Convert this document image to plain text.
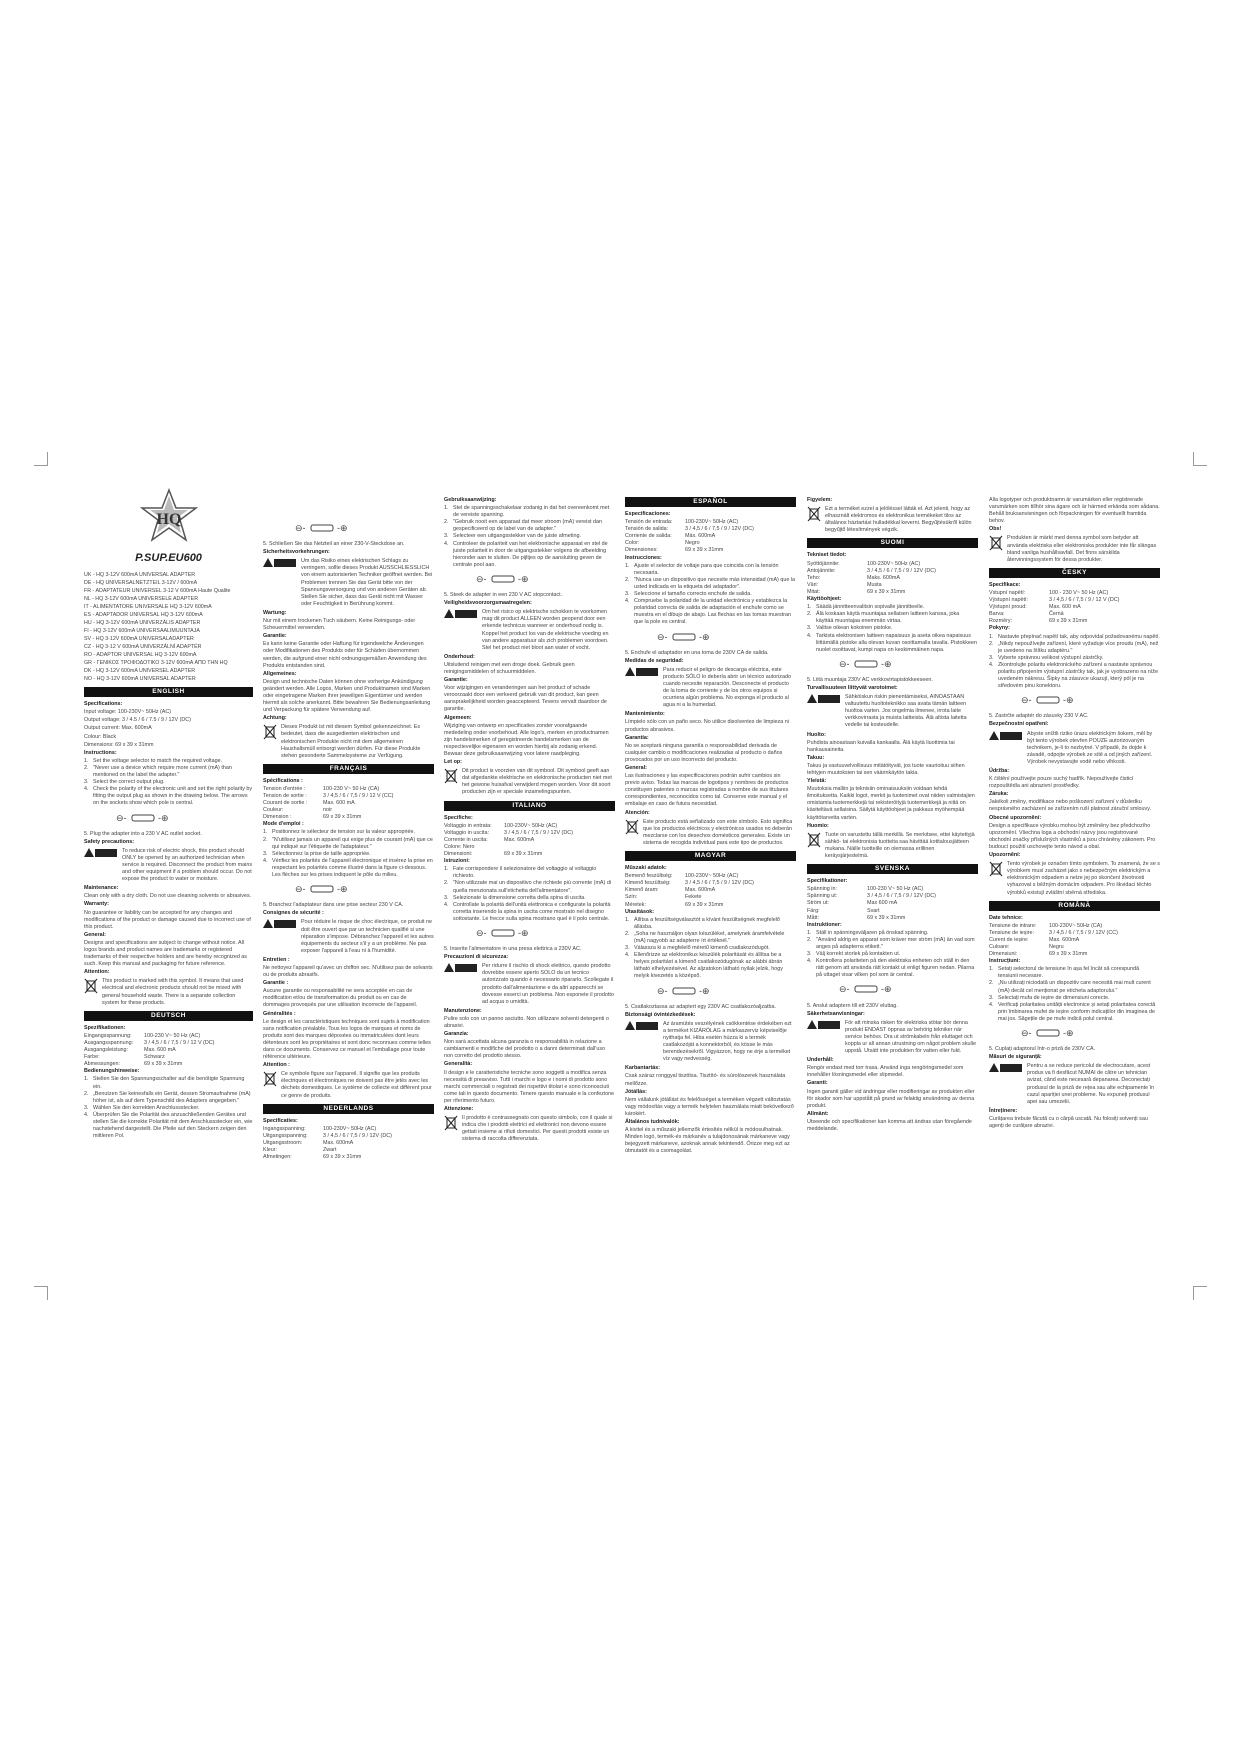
HQ
P.SUP.EU600

UK - HQ 3-12V 600mA UNIVERSAL ADAPTER

DE - HQ UNIVERSALNETZTEIL 3-12V / 600mA

FR - ADAPTATEUR UNIVERSEL 3-12 V 600mA Haute Qualite

NL - HQ 3-12V 600mA UNIVERSELE ADAPTER

IT - ALIMENTATORE UNIVERSALE HQ 3-12V 600mA

ES - ADAPTADOR UNIVERSAL HQ 3-12V 600mA

HU - HQ 3-12V 600mA UNIVERZÁLIS ADAPTER

FI - HQ 3-12V 600mA UNIVERSAALIMUUNTAJA

SV - HQ 3-12V 600mA UNIVERSALADAPTER

CZ - HQ 3-12 V 600mA UNIVERZÁLNÍ ADAPTÉR

RO - ADAPTOR UNIVERSAL HQ 3-12V 600mA

GR - ΓΕΝΙΚΟΣ ΤΡΟΦΟΔΟΤΙΚΟ 3-12V 600mA ΑΠΟ ΤΗΝ HQ

DK - HQ 3-12V 600mA UNIVERSEL ADAPTER

NO - HQ 3-12V 600mA UNIVERSAL ADAPTER

ENGLISH

Specifications:

Input voltage: 100-230V~ 50Hz (AC)

Output voltage: 3 / 4.5 / 6 / 7.5 / 9 / 12V (DC)

Output current: Max. 600mA

Colour: Black

Dimensions: 69 x 39 x 31mm

Instructions:

1. Set the voltage selector to match the required voltage.
2. "Never use a device which require more current (mA) than mentioned on the label the adapter."
3. Select the correct output plug.
4. Check the polarity of the electronic unit and set the right polarity by fitting the output plug as shown in the drawing below. The arrows on the sockets show which pole is central.
⊖-	-⊕

5. Plug the adapter into a 230 V AC outlet socket.

Safety precautions:

To reduce risk of electric shock, this product should ONLY be opened by an authorized technician when service is required. Disconnect the product from mains and other equipment if a problem should occur. Do not expose the product to water or moisture.

Maintenance:

Clean only with a dry cloth. Do not use cleaning solvents or abrasives.

Warranty:

No guarantee or liability can be accepted for any changes and modifications of the product or damage caused due to incorrect use of this product.

General:

Designs and specifications are subject to change without notice. All logos brands and product names are trademarks or registered trademarks of their respective holders and are hereby recognized as such. Keep this manual and packaging for future reference.

Attention:

This product is marked with this symbol. It means that used electrical and electronic products should not be mixed with general household waste. There is a separate collection system for these products.
DEUTSCH

Spezifikationen:

Eingangsspannung:	100-230 V~ 50 Hz (AC)
Ausgangsspannung:	3 / 4,5 / 6 / 7,5 / 9 / 12 V (DC)
Ausgangsleistung:	Max. 600 mA
Farbe:	Schwarz
Abmessungen:	69 x 39 x 31mm

Bedienungshinweise:

1. Stellen Sie den Spannungsschalter auf die benötigte Spannung ein.
2. „Benutzen Sie keinesfalls ein Gerät, dessen Stromaufnahme (mA) höher ist, als auf dem Typenschild des Adapters angegeben."
3. Wählen Sie den korrekten Anschlussstecker.
4. Überprüfen Sie die Polarität des anzuschließenden Gerätes und stellen Sie die korrekte Polarität mit dem Anschlussstecker ein, wie nachstehend dargestellt. Die Pfeile auf den Steckern zeigen den mittleren Pol.
⊖-	-⊕

5. Schließen Sie das Netzteil an einer 230-V-Steckdose an.

Sicherheitsvorkehrungen:

Um das Risiko eines elektrischen Schlags zu verringern, sollte dieses Produkt AUSSCHLIESSLICH von einem autorisierten Techniker geöffnet werden. Bei Problemen trennen Sie das Gerät bitte von der Spannungsversorgung und von anderen Geräten ab. Stellen Sie sicher, dass das Gerät nicht mit Wasser oder Feuchtigkeit in Berührung kommt.

Wartung:

Nur mit einem trockenen Tuch säubern. Keine Reinigungs- oder Scheuermittel verwenden.

Garantie:

Es kann keine Garantie oder Haftung für irgendwelche Änderungen oder Modifikationen des Produkts oder für Schäden übernommen werden, die aufgrund einer nicht ordnungsgemäßen Anwendung des Produkts entstanden sind.

Allgemeines:

Design und technische Daten können ohne vorherige Ankündigung geändert werden. Alle Logos, Marken und Produktnamen sind Marken oder eingetragene Marken ihrer jeweiligen Eigentümer und werden hiermit als solche anerkannt. Bitte bewahren Sie Bedienungsanleitung und Verpackung für spätere Verwendung auf.

Achtung:

Dieses Produkt ist mit diesem Symbol gekennzeichnet. Es bedeutet, dass die ausgedienten elektrischen und elektronischen Produkte nicht mit dem allgemeinen Haushaltsmüll entsorgt werden dürfen. Für diese Produkte stehen gesonderte Sammelsysteme zur Verfügung.
FRANÇAIS

Spécifications :

Tension d'entrée :	100-230 V~ 50 Hz (CA)
Tension de sortie :	3 / 4,5 / 6 / 7,5 / 9 / 12 V (CC)
Courant de sortie :	Max. 600 mA
Couleur:	noir
Dimension :	69 x 39 x 31mm

Mode d'emploi :

1. Positionnez le sélecteur de tension sur la valeur appropriée.
2. "N'utilisez jamais un appareil qui exige plus de courant (mA) que ce qui indiqué sur l'étiquette de l'adaptateur."
3. Sélectionnez la prise de taille appropriée.
4. Vérifiez les polarités de l'appareil électronique et insérez la prise en respectant les polarités comme illustré dans la figure ci-dessous. Les flèches sur les prises indiquent le pôle du milieu.
⊖-	-⊕

5. Branchez l'adaptateur dans une prise secteur 230 V CA.

Consignes de sécurité :

Pour réduire le risque de choc électrique, ce produit ne doit être ouvert que par un technicien qualifié si une réparation s'impose. Débranchez l'appareil et les autres équipements du secteur s'il y a un problème. Ne pas exposer l'appareil à l'eau ni à l'humidité.

Entretien :

Ne nettoyez l'appareil qu'avec un chiffon sec. N'utilisez pas de solvants ou de produits abrasifs.

Garantie :

Aucune garantie ou responsabilité ne sera acceptée en cas de modification et/ou de transformation du produit ou en cas de dommages provoqués par une utilisation incorrecte de l'appareil.

Généralités :

Le design et les caractéristiques techniques sont sujets à modification sans notification préalable. Tous les logos de marques et noms de produits sont des marques déposées ou immatriculées dont leurs détenteurs sont les propriétaires et sont donc reconnues comme telles dans ce documents. Conservez ce manuel et l'emballage pour toute référence ultérieure.

Attention :

Ce symbole figure sur l'appareil. Il signifie que les produits électriques et électroniques ne doivent pas être jetés avec les déchets domestiques. Le système de collecte est différent pour ce genre de produits.
NEDERLANDS

Specificaties:

Ingangsspanning:	100-230V~ 50Hz (AC)
Uitgangsspanning:	3 / 4,5 / 6 / 7,5 / 9 / 12V (DC)
Uitgangsstroom:	Max. 600mA
Kleur:	Zwart
Afmetingen:	69 x 39 x 31mm

Gebruiksaanwijzing:

1. Stel de spanningsschakelaar zodanig in dat het overeenkomt met de vereiste spanning.
2. "Gebruik nooit een apparaat dat meer stroom (mA) vereist dan gespecificeerd op de label van de adapter."
3. Selecteer een uitgangsstekker van de juiste afmeting.
4. Controleer de polariteit van het elektronische apparaat en stel de juiste polariteit in door de uitgangsstekker volgens de afbeelding hieronder aan te sluiten. De pijltjes op de aansluiting geven de centrale pool aan.
⊖-	-⊕

5. Steek de adapter in een 230 V AC stopcontact.

Veiligheidsvoorzorgsmaatregelen:

Om het risico op elektrische schokken te voorkomen mag dit product ALLEEN worden geopend door een erkende technicus wanneer er onderhoud nodig is. Koppel het product los van de elektrische voeding en van andere apparatuur als zich problemen voordoen. Stel het product niet bloot aan water of vocht.

Onderhoud:

Uitsluitend reinigen met een droge doek. Gebruik geen reinigingsmiddelen of schuurmiddelen.

Garantie:

Voor wijzigingen en veranderingen aan het product of schade veroorzaakt door een verkeerd gebruik van dit product, kan geen aansprakelijkheid worden geaccepteerd. Tevens vervalt daardoor de garantie.

Algemeen:

Wijziging van ontwerp en specificaties zonder voorafgaande mededeling onder voorbehoud. Alle logo's, merken en productnamen zijn handelsmerken of geregistreerde handelsmerken van de respectievelijke eigenaren en worden hierbij als zodanig erkend. Bewaar deze gebruiksaanwijzing voor latere raadpleging.

Let op:

Dit product is voorzien van dit symbool. Dit symbool geeft aan dat afgedankte elektrische en elektronische producten niet met het gewone huisafval verwijderd mogen worden. Voor dit soort producten zijn er speciale inzamelingspunten.
ITALIANO

Specifiche:

Voltaggio in entrata:	100-230V~ 50Hz (AC)
Voltaggio in uscita:	3 / 4,5 / 6 / 7,5 / 9 / 12V (DC)
Corrente in uscita:	Max. 600mA
Colore: Nero
Dimensioni:	69 x 39 x 31mm

Istruzioni:

1. Fate corrispondere il selezionatore del voltaggio al voltaggio richiesto.
2. "Non utilizzate mai un dispositivo che richiede più corrente (mA) di quella menzionata sull'etichetta dell'alimentatore".
3. Selezionate la dimensione corretta della spina di uscita.
4. Controllate la polarità dell'unità elettronica e configurate la polarità corretta inserendo la spina in uscita come mostrato nel disegno sottostante. Le frecce sulla spina mostrano quel è il polo centrale.
⊖-	-⊕

5. Inserite l'alimentatore in una presa elettrica a 230V AC.

Precauzioni di sicurezza:

Per ridurre il rischio di shock elettrico, questo prodotto dovrebbe essere aperto SOLO da un tecnico autorizzato quando è necessario ripararlo. Scollegate il prodotto dall'alimentazione e da altri apparecchi se dovesse esserci un problema. Non esponete il prodotto ad acqua o umidità.

Manutenzione:

Pulire solo con un panno asciutto. Non utilizzare solventi detergenti o abrasivi.

Garanzia:

Non sarà accettata alcuna garanzia o responsabilità in relazione a cambiamenti e modifiche del prodotto o a danni determinati dall'uso non corretto del prodotto stesso.

Generalità:

Il design e le caratteristiche tecniche sono soggetti a modifica senza necessità di preavviso. Tutti i marchi e logo e i nomi di prodotto sono marchi commerciali o registrati dei rispettivi titolari e sono riconosciuti come tali in questo documento. Tenere questo manuale e la confezione per riferimento futuro.

Attenzione:

Il prodotto è contrassegnato con questo simbolo, con il quale si indica che i prodotti elettrici ed elettronici non devono essere gettati insieme ai rifiuti domestici. Per questi prodotti esiste un sistema di raccolta differenziata.
ESPAÑOL

Especificaciones:

Tensión de entrada:	100-230V~ 50Hz (AC)
Tensión de salida:	3 / 4,5 / 6 / 7,5 / 9 / 12V (DC)
Corriente de salida:	Máx. 600mA
Color:	Negro
Dimensiones:	69 x 39 x 31mm

Instrucciones:

1. Ajuste el selector de voltaje para que coincida con la tensión necesaria.
2. "Nunca use un dispositivo que necesite más intensidad (mA) que la usted indicada en la etiqueta del adaptador".
3. Seleccione el tamaño correcto enchufe de salida.
4. Compruebe la polaridad de la unidad electrónica y establezca la polaridad correcta de salida de adaptación el enchufe como se muestra en el dibujo de abajo. Las flechas en las tomas muestran que la pole es central.
⊖-	-⊕

5. Enchufe el adaptador en una toma de 230V CA de salida.

Medidas de seguridad:

Para reducir el peligro de descarga eléctrica, este producto SÓLO lo debería abrir un técnico autorizado cuando necesite reparación. Desconecte el producto de la toma de corriente y de los otros equipos si ocurriera algún problema. No exponga el producto al agua ni a la humedad.

Mantenimiento:

Límpielo sólo con un paño seco. No utilice disolventes de limpieza ni productos abrasivos.

Garantía:

No se aceptará ninguna garantía o responsabilidad derivada de cualquier cambio o modificaciones realizadas al producto o daños provocados por un uso incorrecto del producto.

General:

Las ilustraciones y las especificaciones podrán sufrir cambios sin previo aviso. Todas las marcas de logotipos y nombres de productos constituyen patentes o marcas registradas a nombre de sus titulares correspondientes, reconocidos como tal. Conserve este manual y el embalaje en caso de futura necesidad.

Atención:

Este producto está señalizado con este símbolo. Esto significa que los productos eléctricos y electrónicos usados no deberán mezclarse con los desechos domésticos generales. Existe un sistema de recogida individual para este tipo de productos.
MAGYAR

Műszaki adatok:

Bemenő feszültség:	100-230V~ 50Hz (AC)
Kimenő feszültség:	3 / 4,5 / 6 / 7,5 / 9 / 12V (DC)
Kimenő áram:	Max. 600mA
Szín:	Fekete
Méretek:	69 x 39 x 31mm

Utasítások:

1. Állítsa a feszültségválasztót a kívánt feszültségnek megfelelő állásba.
2. „Soha ne használjon olyan készüléket, amelynek áramfelvétele (mA) nagyobb az adapterre írt értéknél."
3. Válassza ki a megfelelő méretű kimenő csatlakozódugót.
4. Ellenőrizze az elektronikus készülék polaritását és állítsa be a helyes polaritást a kimenő csatlakozódugónak az alábbi ábrán látható elhelyezésével. Az aljzatokon látható nyilak jelzik, hogy melyik kivezetés a középső.
⊖-	-⊕

5. Csatlakoztassa az adaptert egy 230V AC csatlakozóaljzatba.

Biztonsági óvintézkedések:

Az áramütés veszélyének csökkentése érdekében ezt a terméket KIZÁRÓLAG a márkaszerviz képviselője nyithatja fel. Hiba esetén húzza ki a termék csatlakozóját a konnektorból, és kösse le más berendezésekről. Vigyázzon, hogy ne érje a terméket víz vagy nedvesség.

Karbantartás:

Csak száraz ronggyal tisztítsa. Tisztító- és súrolószerek használata mellőzze.

Jótállás:

Nem vállalunk jótállást és felelősséget a terméken végzett változtatás vagy módosítás vagy a termék helytelen használata miatt bekövetkező károkért.

Általános tudnivalók:

A kivitel és a műszaki jellemzők értesítés nélkül is módosulhatnak. Minden logó, termék-és márkanév a tulajdonosának márkaneve vagy bejegyzett márkaneve, azoknak annak tekintendő. Őrizze meg ezt az útmutatót és a csomagolást.

Figyelem:

Ezt a terméket ezzel a jelöléssel látták el. Azt jelenti, hogy az elhasznált elektromos és elektronikus termékeket tilos az általános háztartási hulladékkal keverni. Begyűjtésükről külön begyűjtő létesítmények végzik.
SUOMI

Tekniset tiedot:

Syöttöjännite:	100-230V~ 50Hz (AC)
Antojännite:	3 / 4,5 / 6 / 7,5 / 9 / 12V (DC)
Teho:	Maks. 600mA
Väri:	Musta
Mitat:	69 x 39 x 31mm

Käyttöohjeet:

1. Säädä jännitteenvalitsin sopivalle jännitteelle.
2. Älä koskaan käytä muuntajaa sellaisen laitteen kanssa, joka käyttää muuntajaa enemmän virtaa.
3. Valitse oikean kokoinen pistoke.
4. Tarkista elektronisen laitteen napaisuus ja aseta oikea napaisuus liittämällä pistoke alla olevan kuvan osoittamalla tavalla. Pistokkeen nuolet osoittavat, kumpi napa on keskimmäinen napa.
⊖-	-⊕

5. Liitä muuntaja 230V AC verkkovirtapistokkeeseen.

Turvallisuuteen liittyvät varotoimet:

Sähköiskun riskin pienentämiseksi, AINOASTAAN valtuutettu huoltoteknikko saa avata tämän laitteen huoltoa varten. Jos ongelmia ilmenee, irrota laite verkkovirrasta ja muista laitteista. Älä altista laitetta vedelle tai kosteudelle.

Huolto:

Puhdista ainoastaan kuivalla kankaalla. Älä käytä liuottimia tai hankausaineita.

Takuu:

Takuu ja vastuuvelvollisuus mitätöityvät, jos tuote vaurioituu siihen tehtyjen muutoksien tai sen väärinkäytön takia.

Yleistä:

Muutoksia malliin ja teknisiin ominaisuuksiin voidaan tehdä ilmoituksetta. Kaikki logot, merkit ja tuotenimet ovat niiden valmistajien omistamia tuotemerkkejä tai rekisteröityjä tuotemerkkejä ja niitä on käsiteltävä sellaisina. Säilytä käyttöohjeet ja pakkaus myöhempää käyttötarvetta varten.

Huomio:

Tuote on varustettu tällä merkillä. Se merkitsee, ettei käytettyjä sähkö- tai elektronisia tuotteita saa hävittää kotitalousjätteen mukana. Näille tuotteille on olemassa erillinen keräysjärjestelmä.
SVENSKA

Specifikationer:

Spänning in:	100-230 V~ 50 Hz (AC)
Spänning ut:	3 / 4,5 / 6 / 7,5 / 9 / 12V (DC)
Ström ut:	Max 600 mA
Färg:	Svart
Mått:	69 x 39 x 31mm

Instruktioner:

1. Ställ in spänningsväljaren på önskad spänning.
2. "Använd aldrig en apparat som kräver mer ström (mA) än vad som anges på adapterns etikett."
3. Välj korrekt storlek på kontakten ut.
4. Kontrollera polariteten på den elektriska enheten och ställ in den rätt genom att använda rätt kontakt ut enligt figuren nedan. Pilarna på uttaget visar vilken pol som är central.
⊖-	-⊕

5. Anslut adaptern till ett 230V eluttag.

Säkerhetsanvisningar:

För att minska risken för elektriska stötar bör denna produkt ENDAST öppnas av behörig tekniker när service behövs. Dra ut strömkabeln från eluttaget och koppla ur all annan utrustning om något problem skulle uppstå. Utsätt inte produkten för vatten eller fukt.

Underhåll:

Rengör endast med torr trasa. Använd inga rengöringsmedel som innehåller lösningsmedel eller slipmedel.

Garanti:

Ingen garanti gäller vid ändringar eller modifieringar av produkten eller för skador som har uppstått på grund av felaktig användning av denna produkt.

Allmänt:

Utseende och specifikationer kan komma att ändras utan föregående meddelande.

Alla logotyper och produktnamn är varumärken eller registrerade varumärken som tillhör sina ägare och är härmed erkända som sådana. Behåll bruksanvisningen och förpackningen för eventuellt framtida behov.

Obs!

Produkten är märkt med denna symbol som betyder att använda elektriska eller elektroniska produkter inte får slängas bland vanliga hushållsavfall. Det finns särskilda återvinningssystem för dessa produkter.
ČESKY

Specifikace:

Vstupní napětí:	100 - 230 V~ 50 Hz (AC)
Výstupní napětí:	3 / 4,5 / 6 / 7,5 / 9 / 12 V (DC)
Výstupní proud:	Max. 600 mA
Barva:	Černá
Rozměry:	69 x 39 x 31mm

Pokyny:

1. Nastavte přepínač napětí tak, aby odpovídal požadovanému napětí.
2. „Nikdy nepoužívejte zařízení, které vyžaduje více proudu (mA), než je uvedeno na štítku adaptéru."
3. Vyberte správnou velikost výstupní zástrčky.
4. Zkontrolujte polaritu elektronického zařízení a nastavte správnou polaritu připojením výstupní zástrčky tak, jak je vyobrazeno na níže uvedeném nákresu. Šipky na zásuvce ukazují, který pól je na středovém pinu konektoru.
⊖-	-⊕

5. Zastrčte adaptér do zásuvky 230 V AC.

Bezpečnostní opatření:

Abyste snížili riziko úrazu elektrickým šokem, měl by být tento výrobek otevřen POUZE autorizovaným technikem, je-li to nezbytné. V případě, že dojde k závadě, odpojte výrobek ze sítě a od jiných zařízení. Výrobek nevystavujte vodě nebo vlhkosti.

Údržba:

K čištění používejte pouze suchý hadřík. Nepoužívejte čisticí rozpouštědla ani abrazivní prostředky.

Záruka:

Jakékoli změny, modifikace nebo poškození zařízení v důsledku nesprávného zacházení se zařízením ruší platnost záruční smlouvy.

Obecné upozornění:

Design a specifikace výrobku mohou být změněny bez předchozího upozornění. Všechna loga a obchodní názvy jsou registrované obchodní značky příslušných vlastníků a jsou chráněny zákonem. Pro budoucí použití uschovejte tento návod a obal.

Upozornění:

Tento výrobek je označen tímto symbolem. To znamená, že se s výrobkem musí zacházet jako s nebezpečným elektrickým a elektronickým odpadem a nelze jej po skončení životnosti vyhazovat s běžným domácím odpadem. Pro likvidaci těchto výrobků existují zvláštní sběrná střediska.
ROMÂNĂ

Date tehnice:

Tensiune de intrare:	100-230V~ 50Hz (CA)
Tensiune de ieșire:	3 / 4,5 / 6 / 7,5 / 9 / 12V (CC)
Curent de ieșire:	Max. 600mA
Culoare:	Negru
Dimensiuni:	69 x 39 x 31mm

Instrucțiuni:

1. Setați selectorul de tensiune în așa fel încât să corespundă tensiunii necesare.
2. „Nu utilizați niciodată un dispozitiv care necesită mai mult curent (mA) decât cel menționat pe eticheta adaptorului."
3. Selectați mufa de ieșire de dimensiuni corecte.
4. Verificați polaritatea unității electronice și setați polaritatea corectă prin îmbinarea mufei de ieșire conform indicațiilor din imaginea de mai jos. Săgețile de pe mufe indică polul central.
⊖-	-⊕

5. Cuplați adaptorul într-o priză de 230V CA.

Măsuri de siguranță:

Pentru a se reduce pericolul de electrocutare, acest produs va fi desfăcut NUMAI de către un tehnician avizat, când este necesară depanarea. Deconectați produsul de la priză de rețea sau alte echipamente în cazul apariției unei probleme. Nu expuneți produsul apei sau umezelii.

Întreținere:

Curățarea trebuie făcută cu o cârpă uscată. Nu folosiți solvenți sau agenți de curățare abrazivi.
